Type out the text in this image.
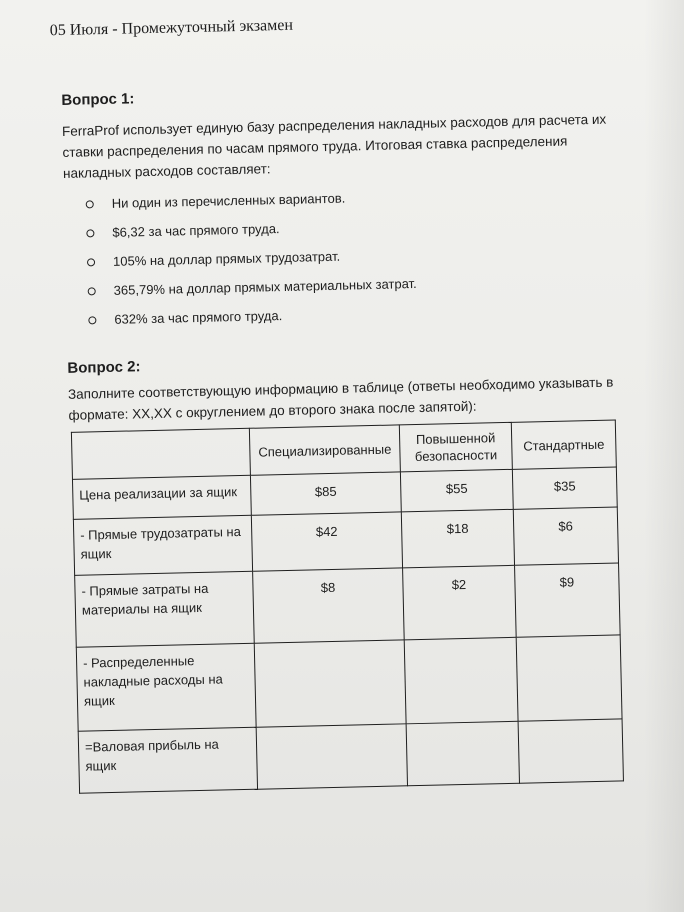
05 Июля - Промежуточный экзамен
Вопрос 1:
FerraProf использует единую базу распределения накладных расходов для расчета их ставки распределения по часам прямого труда. Итоговая ставка распределения накладных расходов составляет:
Ни один из перечисленных вариантов.
$6,32 за час прямого труда.
105% на доллар прямых трудозатрат.
365,79% на доллар прямых материальных затрат.
632% за час прямого труда.
Вопрос 2:
Заполните соответствующую информацию в таблице (ответы необходимо указывать в формате: XX,XX с округлением до второго знака после запятой):
	Специализированные	Повышенной безопасности	Стандартные
Цена реализации за ящик	$85	$55	$35
- Прямые трудозатраты на ящик	$42	$18	$6
- Прямые затраты на материалы на ящик	$8	$2	$9
- Распределенные накладные расходы на ящик			
=Валовая прибыль на ящик			
